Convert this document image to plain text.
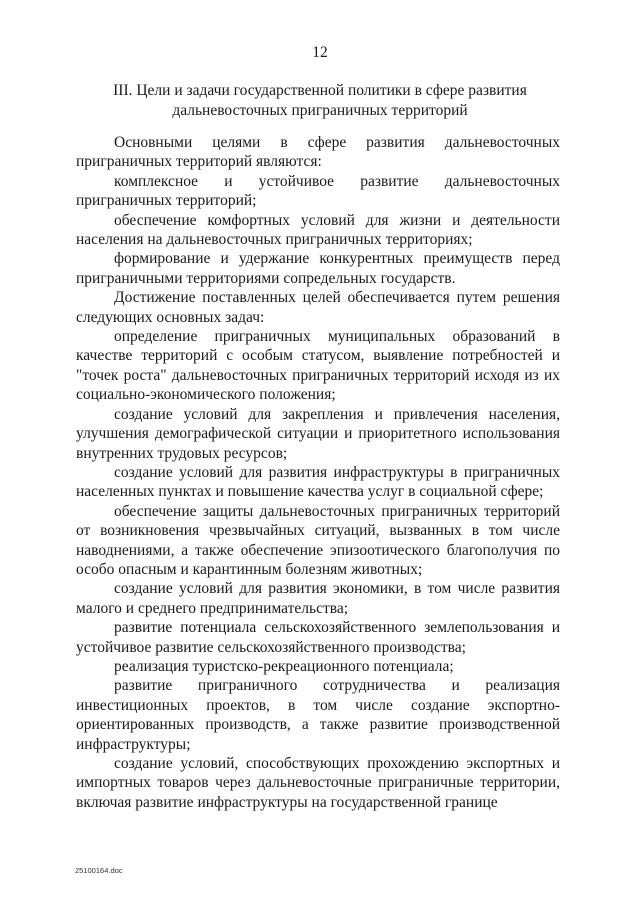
12
III. Цели и задачи государственной политики в сфере развития
дальневосточных приграничных территорий

Основными целями в сфере развития дальневосточных приграничных территорий являются:

комплексное и устойчивое развитие дальневосточных приграничных территорий;

обеспечение комфортных условий для жизни и деятельности населения на дальневосточных приграничных территориях;

формирование и удержание конкурентных преимуществ перед приграничными территориями сопредельных государств.

Достижение поставленных целей обеспечивается путем решения следующих основных задач:

определение приграничных муниципальных образований в качестве территорий с особым статусом, выявление потребностей и "точек роста" дальневосточных приграничных территорий исходя из их социально-экономического положения;

создание условий для закрепления и привлечения населения, улучшения демографической ситуации и приоритетного использования внутренних трудовых ресурсов;

создание условий для развития инфраструктуры в приграничных населенных пунктах и повышение качества услуг в социальной сфере;

обеспечение защиты дальневосточных приграничных территорий от возникновения чрезвычайных ситуаций, вызванных в том числе наводнениями, а также обеспечение эпизоотического благополучия по особо опасным и карантинным болезням животных;

создание условий для развития экономики, в том числе развития малого и среднего предпринимательства;

развитие потенциала сельскохозяйственного землепользования и устойчивое развитие сельскохозяйственного производства;

реализация туристско-рекреационного потенциала;

развитие приграничного сотрудничества и реализация инвестиционных проектов, в том числе создание экспортно-ориентированных производств, а также развитие производственной инфраструктуры;

создание условий, способствующих прохождению экспортных и импортных товаров через дальневосточные приграничные территории, включая развитие инфраструктуры на государственной границе

25100164.doc
